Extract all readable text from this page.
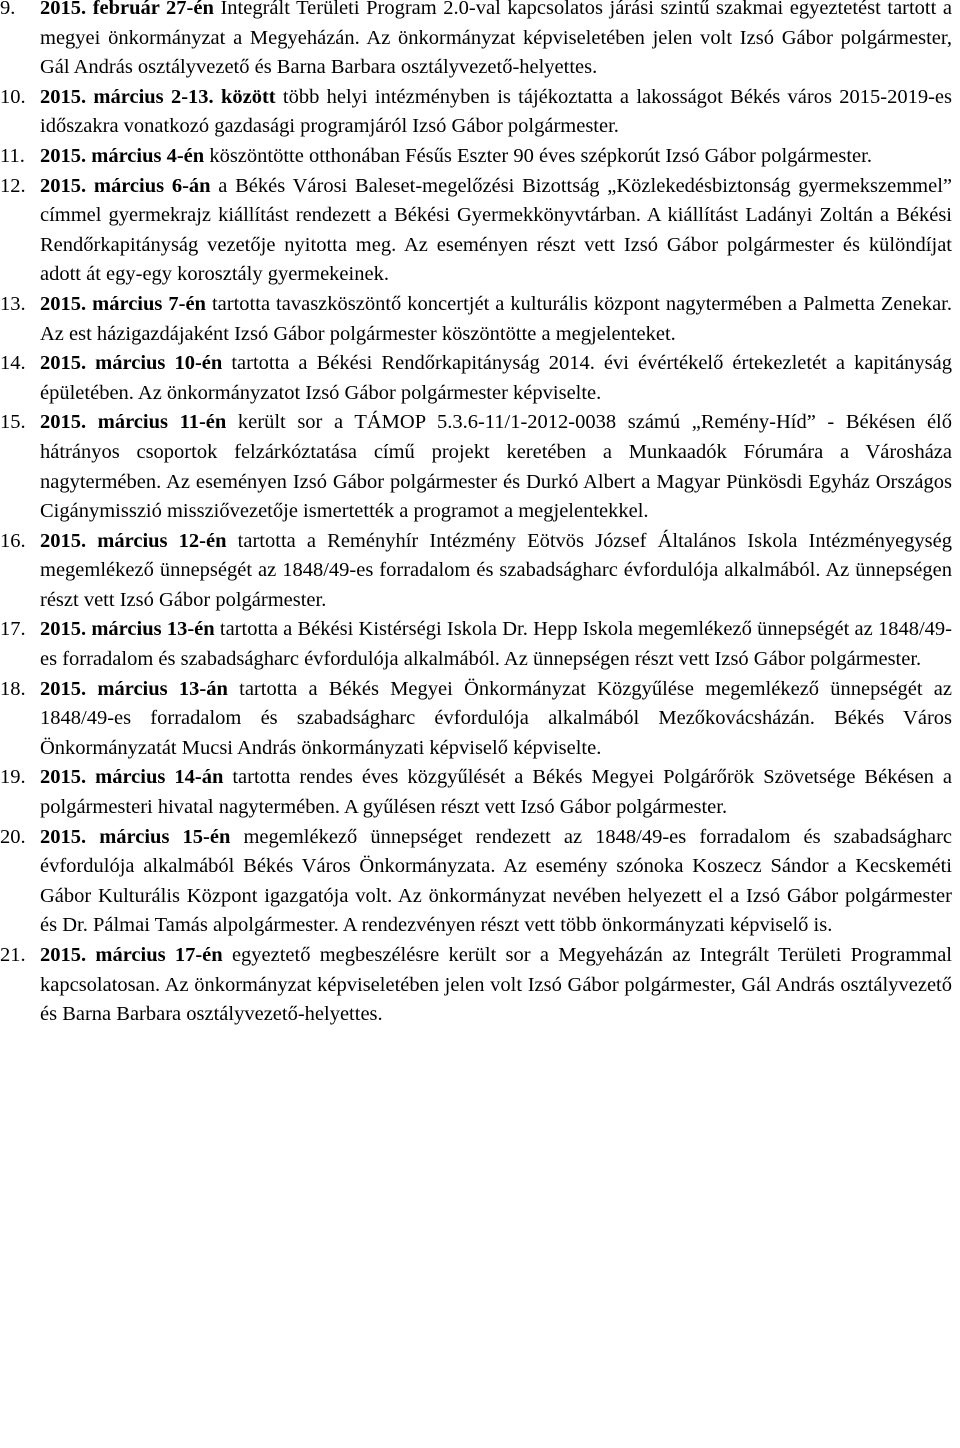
9. 2015. február 27-én Integrált Területi Program 2.0-val kapcsolatos járási szintű szakmai egyeztetést tartott a megyei önkormányzat a Megyeházán. Az önkormányzat képviseletében jelen volt Izsó Gábor polgármester, Gál András osztályvezető és Barna Barbara osztályvezető-helyettes.
10. 2015. március 2-13. között több helyi intézményben is tájékoztatta a lakosságot Békés város 2015-2019-es időszakra vonatkozó gazdasági programjáról Izsó Gábor polgármester.
11. 2015. március 4-én köszöntötte otthonában Fésűs Eszter 90 éves szépkorút Izsó Gábor polgármester.
12. 2015. március 6-án a Békés Városi Baleset-megelőzési Bizottság „Közlekedésbiztonság gyermekszemmel” címmel gyermekrajz kiállítást rendezett a Békési Gyermekkönyvtárban. A kiállítást Ladányi Zoltán a Békési Rendőrkapitányság vezetője nyitotta meg. Az eseményen részt vett Izsó Gábor polgármester és különdíjat adott át egy-egy korosztály gyermekeinek.
13. 2015. március 7-én tartotta tavaszköszöntő koncertjét a kulturális központ nagytermében a Palmetta Zenekar. Az est házigazdájaként Izsó Gábor polgármester köszöntötte a megjelenteket.
14. 2015. március 10-én tartotta a Békési Rendőrkapitányság 2014. évi évértékelő értekezletét a kapitányság épületében. Az önkormányzatot Izsó Gábor polgármester képviselte.
15. 2015. március 11-én került sor a TÁMOP 5.3.6-11/1-2012-0038 számú „Remény-Híd” - Békésen élő hátrányos csoportok felzárkóztatása című projekt keretében a Munkaadók Fórumára a Városháza nagytermében. Az eseményen Izsó Gábor polgármester és Durkó Albert a Magyar Pünkösdi Egyház Országos Cigánymisszió missziővezetője ismertették a programot a megjelentekkel.
16. 2015. március 12-én tartotta a Reményhír Intézmény Eötvös József Általános Iskola Intézményegység megemlékező ünnepségét az 1848/49-es forradalom és szabadságharc évfordulója alkalmából. Az ünnepségen részt vett Izsó Gábor polgármester.
17. 2015. március 13-én tartotta a Békési Kistérségi Iskola Dr. Hepp Iskola megemlékező ünnepségét az 1848/49-es forradalom és szabadságharc évfordulója alkalmából. Az ünnepségen részt vett Izsó Gábor polgármester.
18. 2015. március 13-án tartotta a Békés Megyei Önkormányzat Közgyűlése megemlékező ünnepségét az 1848/49-es forradalom és szabadságharc évfordulója alkalmából Mezőkovácsházán. Békés Város Önkormányzatát Mucsi András önkormányzati képviselő képviselte.
19. 2015. március 14-án tartotta rendes éves közgyűlését a Békés Megyei Polgárőrök Szövetsége Békésen a polgármesteri hivatal nagytermében. A gyűlésen részt vett Izsó Gábor polgármester.
20. 2015. március 15-én megemlékező ünnepséget rendezett az 1848/49-es forradalom és szabadságharc évfordulója alkalmából Békés Város Önkormányzata. Az esemény szónoka Koszecz Sándor a Kecskeméti Gábor Kulturális Központ igazgatója volt. Az önkormányzat nevében helyezett el a Izsó Gábor polgármester és Dr. Pálmai Tamás alpolgármester. A rendezvényen részt vett több önkormányzati képviselő is.
21. 2015. március 17-én egyeztető megbeszélésre került sor a Megyeházán az Integrált Területi Programmal kapcsolatosan. Az önkormányzat képviseletében jelen volt Izsó Gábor polgármester, Gál András osztályvezető és Barna Barbara osztályvezető-helyettes.
